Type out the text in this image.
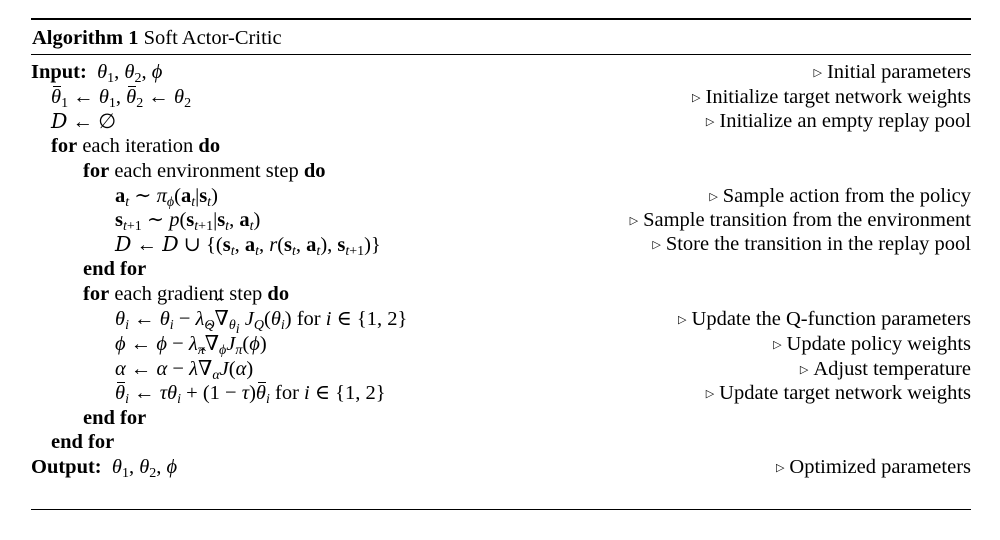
Algorithm 1 Soft Actor-Critic
Input: $\theta_1$, $\theta_2$, ϕ	▷ Initial parameters
$\theta_1$ ← $\theta_1$, $\theta_2$ ← $\theta_2$	▷ Initialize target network weights
D ← ∅	▷ Initialize an empty replay pool
for each iteration do
for each environment step do
$a_t$ ∼ $\pi_\phi(a_t|s_t)$	▷ Sample action from the policy
$s_{t+1}$ ∼ $p(s_{t+1}|s_t$, $a_t$)	▷ Sample transition from the environment
D ← D ∪ {($s_t$, $a_t$, $r(s_t$, $a_t$), $s_{t+1}$)}	▷ Store the transition in the replay pool
end for
for each gradient step do
$\theta_i$ ← $\theta_i$ − $\lambda_Qˆ$ $\nabla_{\theta_i}$ $J_Q(\theta_i)$ for i ∈ {1, 2}	▷ Update the Q-function parameters
ϕ ← $\phi - \lambda_\pi ˆ$ $\nabla_\phi J_\pi(\phi)$	▷ Update policy weights
α ← α − λˆ $\nabla_\alpha J(\alpha)$	▷ Adjust temperature
$\theta_i$ ← $\tau\theta_i + (1 - \tau)\theta_i$ for i ∈ {1, 2}	▷ Update target network weights
end for
end for
Output: $\theta_1$, $\theta_2$, ϕ	▷ Optimized parameters
